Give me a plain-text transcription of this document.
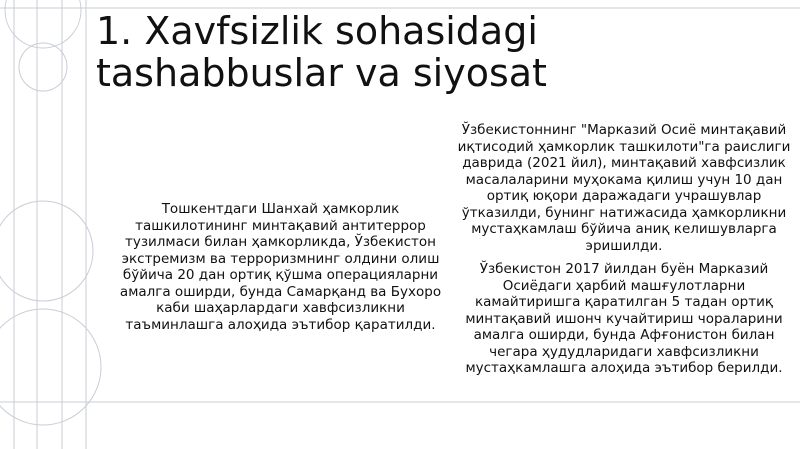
1. Xavfsizlik sohasidagi tashabbuslar va siyosat

Тошкентдаги Шанхай ҳамкорлик ташкилотининг минтақавий антитеррор тузилмаси билан ҳамкорликда, Ўзбекистон экстремизм ва терроризмнинг олдини олиш бўйича 20 дан ортиқ қўшма операцияларни амалга оширди, бунда Самарқанд ва Бухоро каби шаҳарлардаги хавфсизликни таъминлашга алоҳида эътибор қаратилди.

Ўзбекистоннинг "Марказий Осиё минтақавий иқтисодий ҳамкорлик ташкилоти"га раислиги даврида (2021 йил), минтақавий хавфсизлик масалаларини муҳокама қилиш учун 10 дан ортиқ юқори даражадаги учрашувлар ўтказилди, бунинг натижасида ҳамкорликни мустаҳкамлаш бўйича аниқ келишувларга эришилди.

Ўзбекистон 2017 йилдан буён Марказий Осиёдаги ҳарбий машғулотларни камайтиришга қаратилган 5 тадан ортиқ минтақавий ишонч кучайтириш чораларини амалга оширди, бунда Афғонистон билан чегара ҳудудларидаги хавфсизликни мустаҳкамлашга алоҳида эътибор берилди.
